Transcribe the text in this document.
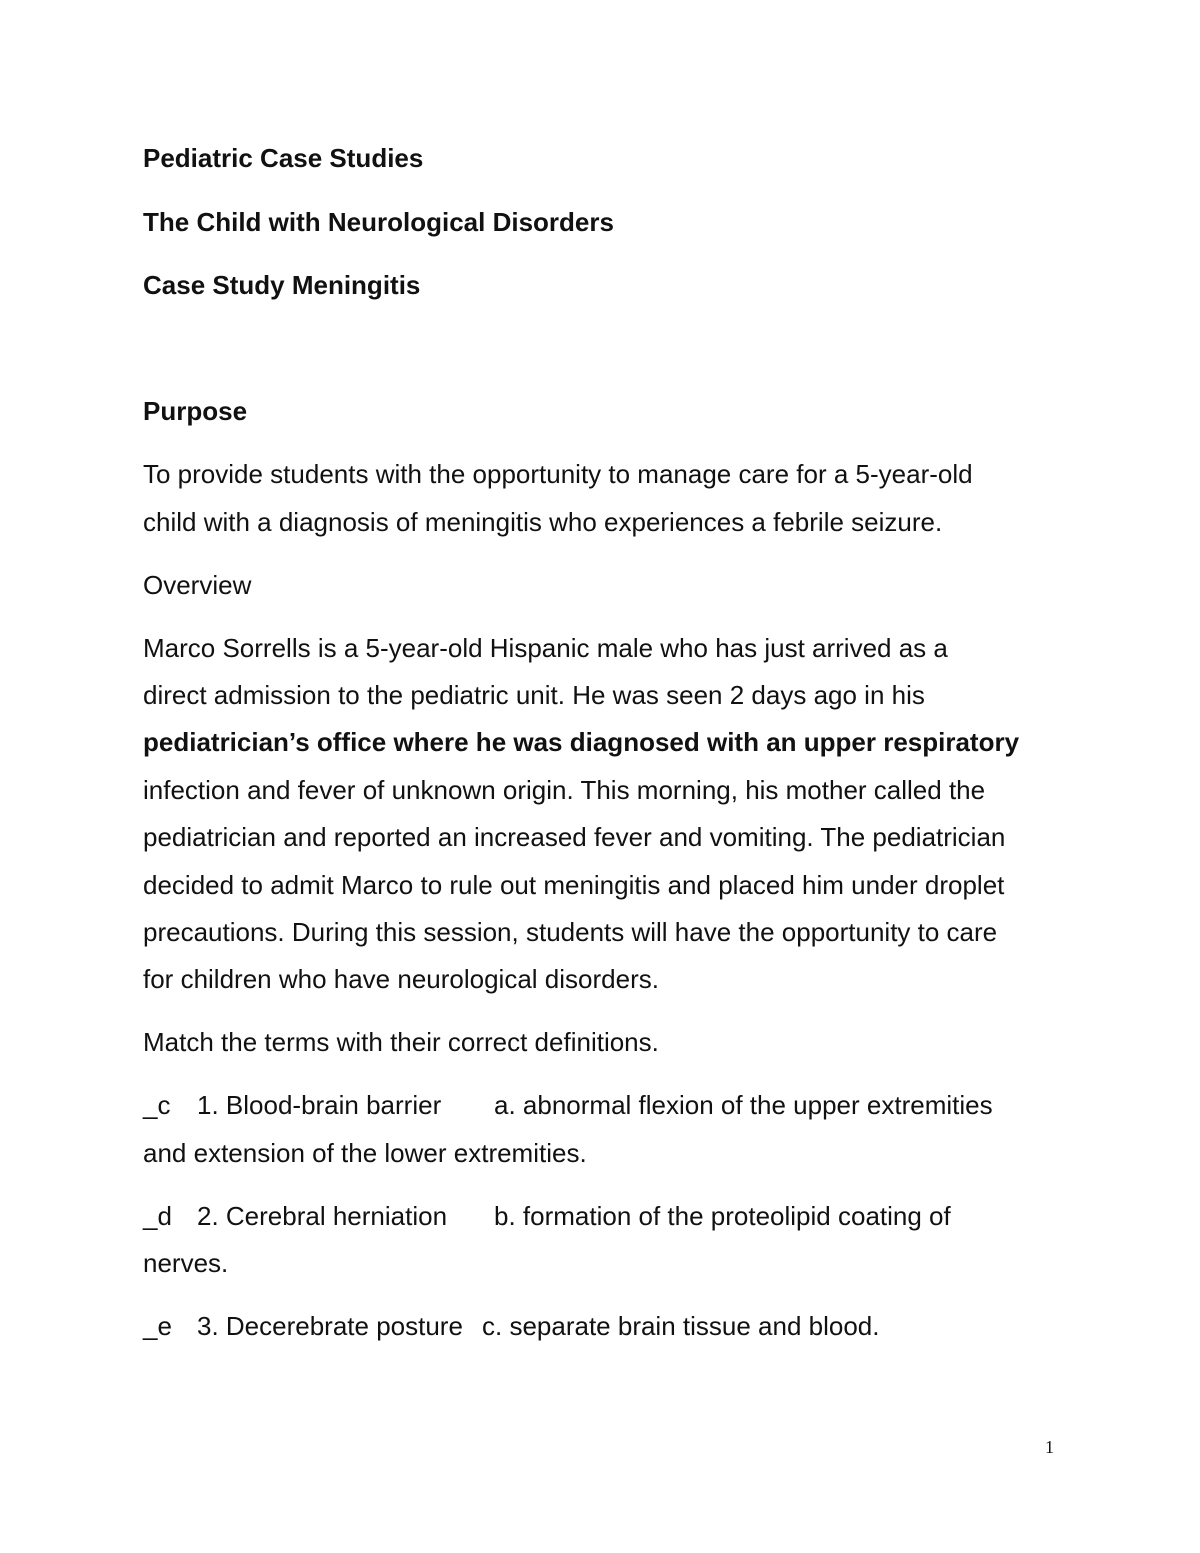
Pediatric Case Studies
The Child with Neurological Disorders
Case Study Meningitis
Purpose
To provide students with the opportunity to manage care for a 5-year-old
child with a diagnosis of meningitis who experiences a febrile seizure.
Overview
Marco Sorrells is a 5-year-old Hispanic male who has just arrived as a
direct admission to the pediatric unit. He was seen 2 days ago in his
pediatrician’s office where he was diagnosed with an upper respiratory
infection and fever of unknown origin. This morning, his mother called the
pediatrician and reported an increased fever and vomiting. The pediatrician
decided to admit Marco to rule out meningitis and placed him under droplet
precautions. During this session, students will have the opportunity to care
for children who have neurological disorders.
Match the terms with their correct definitions.
_c 1. Blood-brain barrier a. abnormal flexion of the upper extremities
and extension of the lower extremities.
_d 2. Cerebral herniation b. formation of the proteolipid coating of
nerves.
_e 3. Decerebrate posture c. separate brain tissue and blood.
1
